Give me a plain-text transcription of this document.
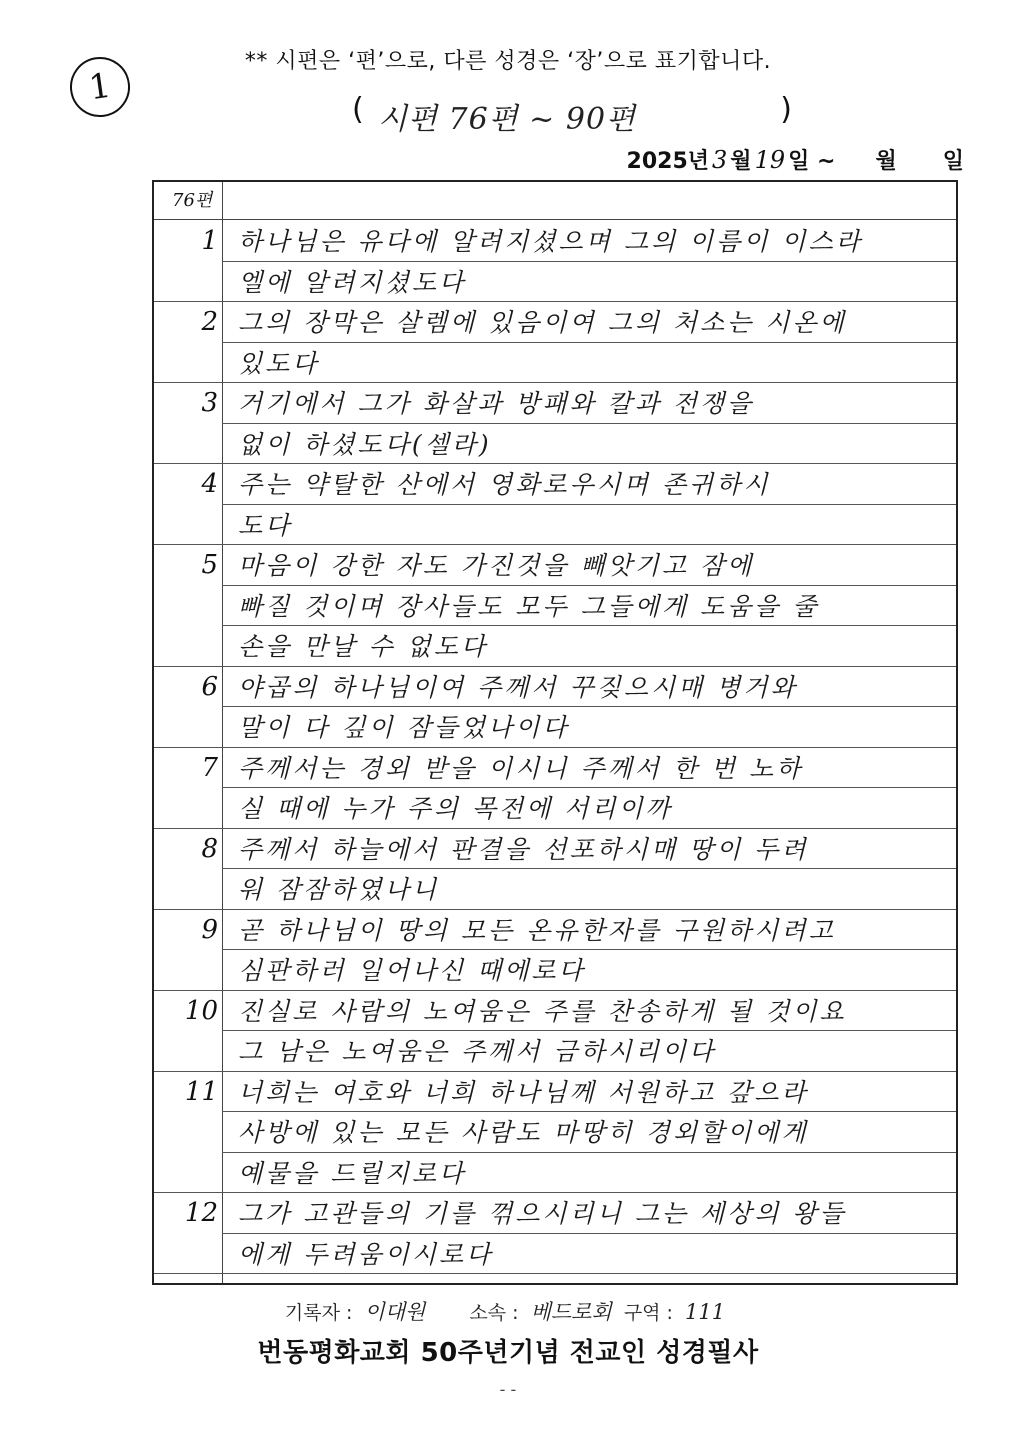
1
** 시편은 ‘편’으로, 다른 성경은 ‘장’으로 표기합니다.
( 시편 76편 ~ 90편	)
2025년 3 월 19 일 ~ 월 일
76편
1 하나님은 유다에 알려지셨으며 그의 이름이 이스라
엘에 알려지셨도다
2 그의 장막은 살렘에 있음이여 그의 처소는 시온에
있도다
3 거기에서 그가 화살과 방패와 칼과 전쟁을
없이 하셨도다(셀라)
4 주는 약탈한 산에서 영화로우시며 존귀하시
도다
5 마음이 강한 자도 가진것을 빼앗기고 잠에
빠질 것이며 장사들도 모두 그들에게 도움을 줄
손을 만날 수 없도다
6 야곱의 하나님이여 주께서 꾸짖으시매 병거와
말이 다 깊이 잠들었나이다
7 주께서는 경외 받을 이시니 주께서 한 번 노하
실 때에 누가 주의 목전에 서리이까
8 주께서 하늘에서 판결을 선포하시매 땅이 두려
워 잠잠하였나니
9 곧 하나님이 땅의 모든 온유한자를 구원하시려고
심판하러 일어나신 때에로다
10 진실로 사람의 노여움은 주를 찬송하게 될 것이요
그 남은 노여움은 주께서 금하시리이다
11 너희는 여호와 너희 하나님께 서원하고 갚으라
사방에 있는 모든 사람도 마땅히 경외할이에게
예물을 드릴지로다
12 그가 고관들의 기를 꺾으시리니 그는 세상의 왕들
에게 두려움이시로다
기록자 : 이대원 소속 : 베드로회 구역 : 111
번동평화교회 50주년기념 전교인 성경필사
- -
